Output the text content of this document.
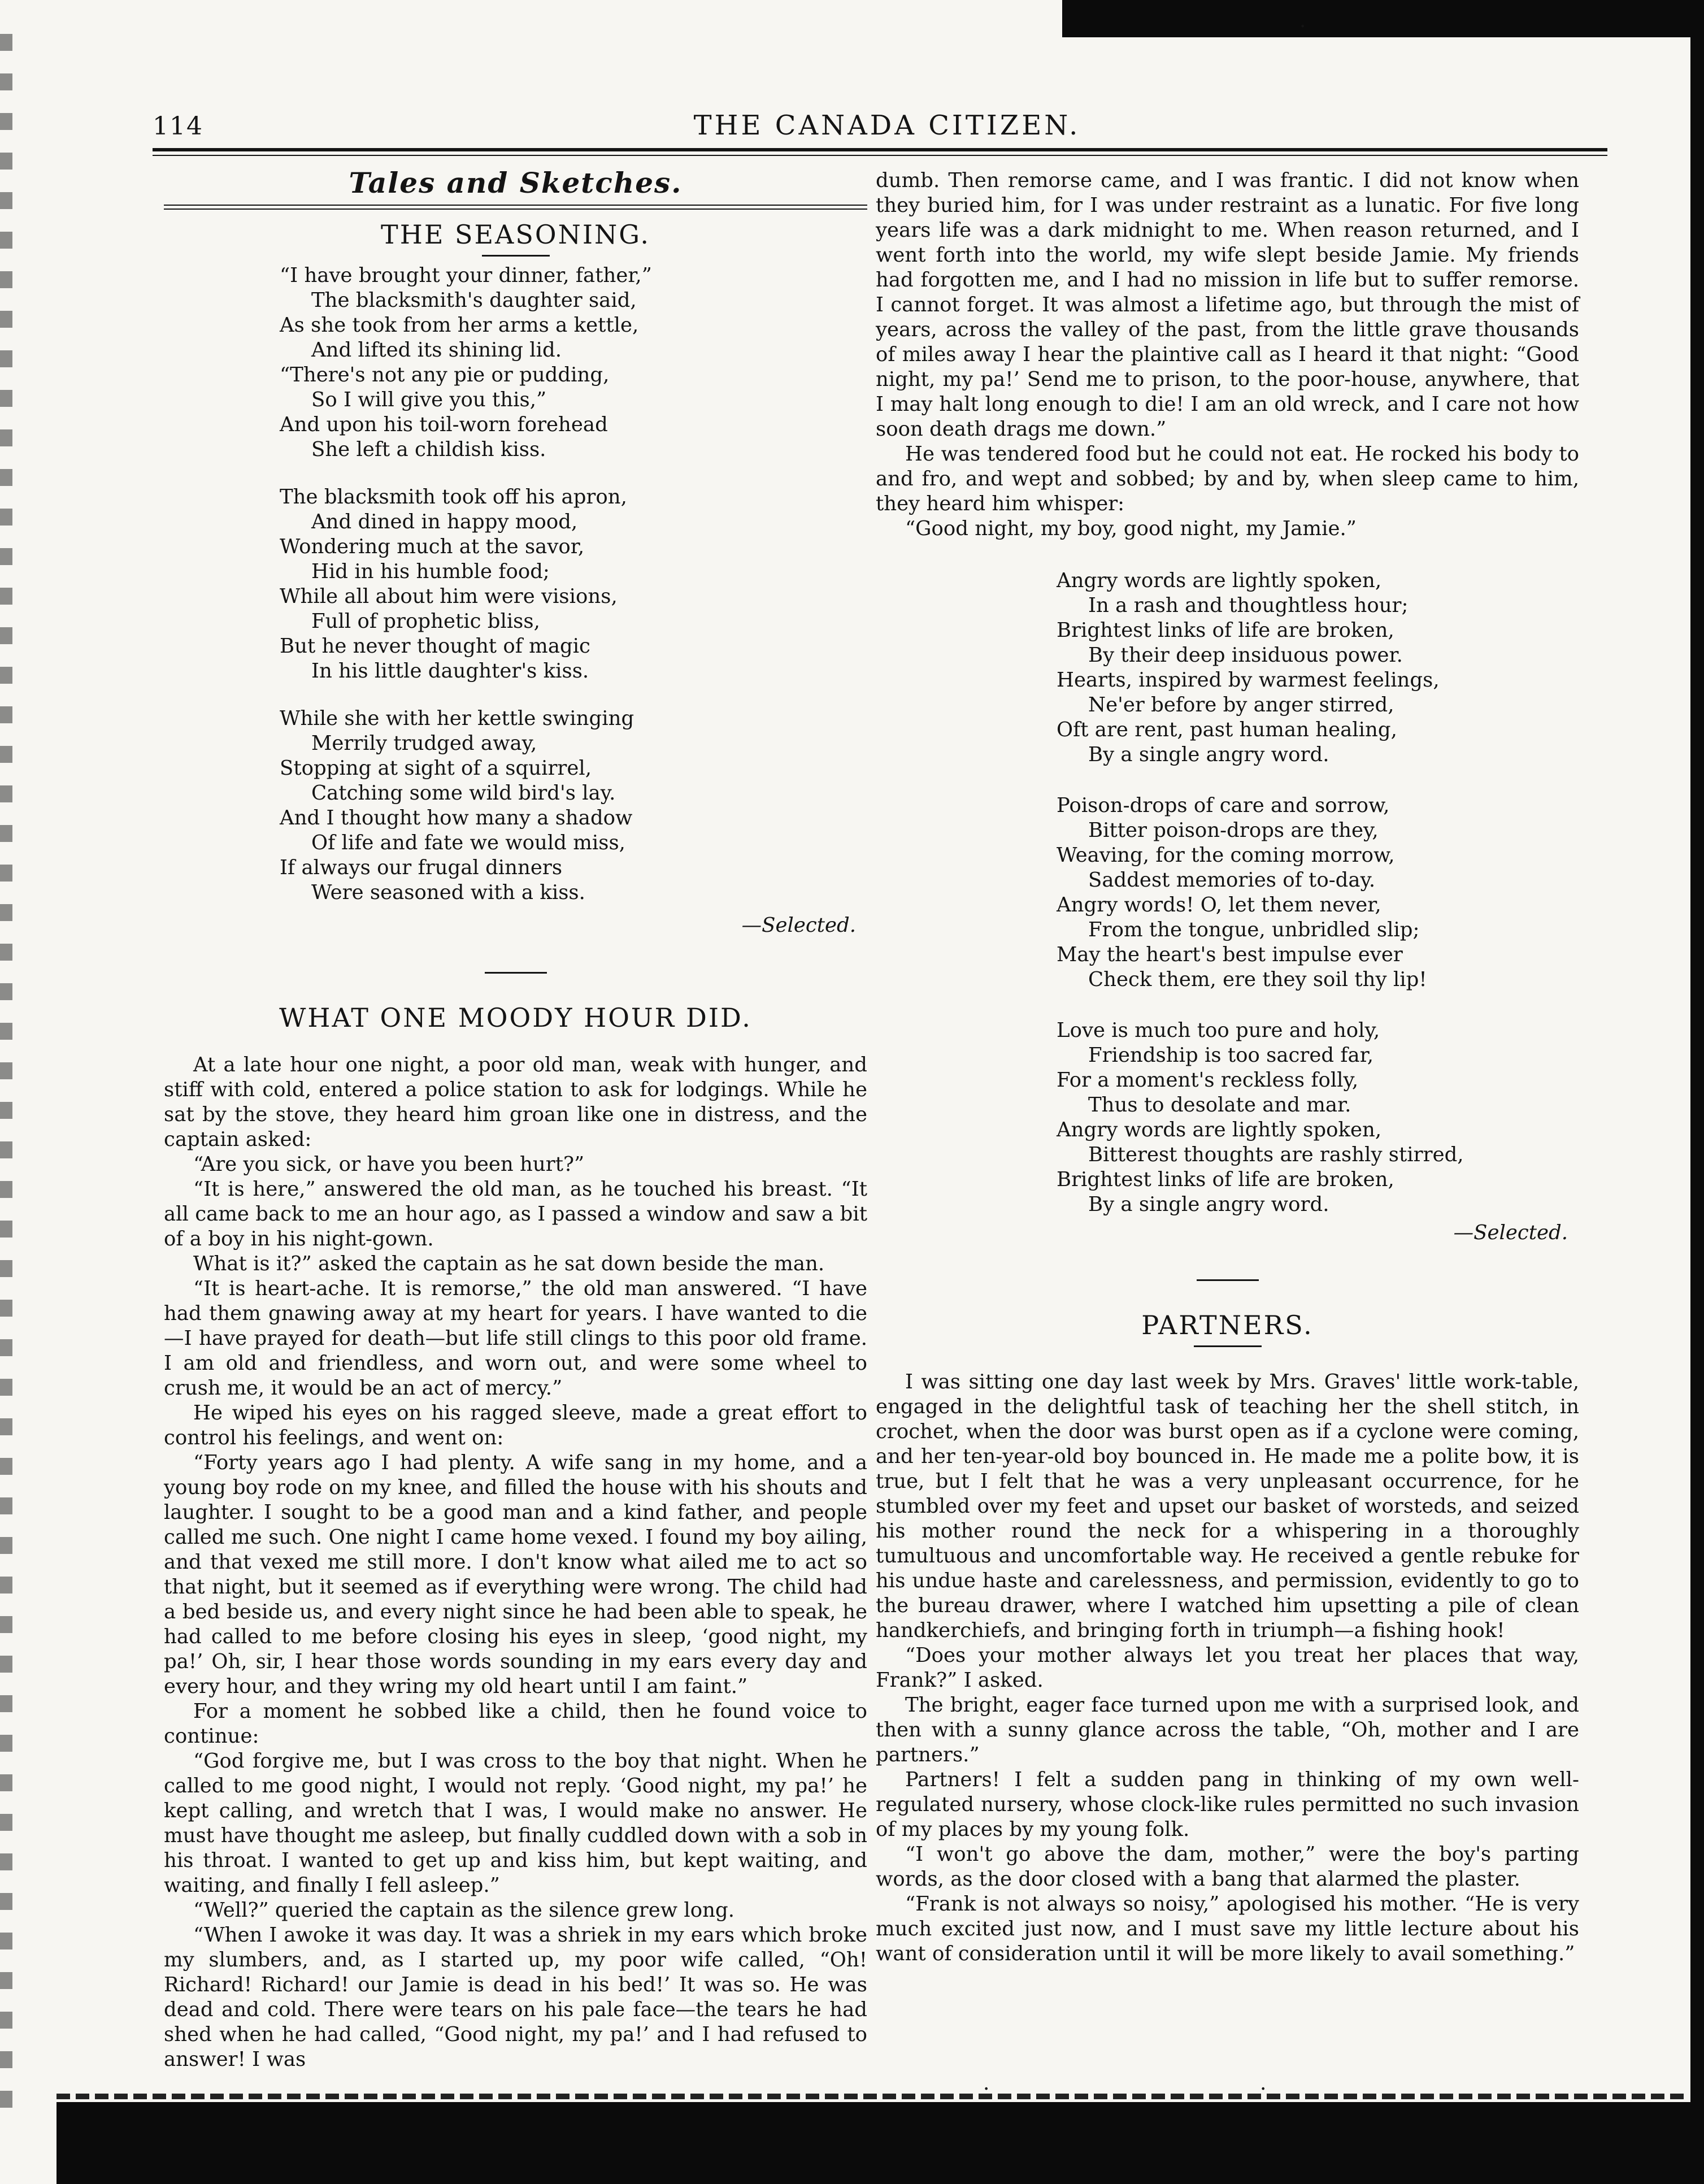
·
·	·
114	THE CANADA CITIZEN.
Tales and Sketches.
THE SEASONING.
“I have brought your dinner, father,”
The blacksmith's daughter said,
As she took from her arms a kettle,
And lifted its shining lid.
“There's not any pie or pudding,
So I will give you this,”
And upon his toil-worn forehead
She left a childish kiss.
The blacksmith took off his apron,
And dined in happy mood,
Wondering much at the savor,
Hid in his humble food;
While all about him were visions,
Full of prophetic bliss,
But he never thought of magic
In his little daughter's kiss.
While she with her kettle swinging
Merrily trudged away,
Stopping at sight of a squirrel,
Catching some wild bird's lay.
And I thought how many a shadow
Of life and fate we would miss,
If always our frugal dinners
Were seasoned with a kiss.
—Selected.
WHAT ONE MOODY HOUR DID.

At a late hour one night, a poor old man, weak with hunger, and stiff with cold, entered a police station to ask for lodgings. While he sat by the stove, they heard him groan like one in distress, and the captain asked:

“Are you sick, or have you been hurt?”

“It is here,” answered the old man, as he touched his breast. “It all came back to me an hour ago, as I passed a window and saw a bit of a boy in his night-gown.

What is it?” asked the captain as he sat down beside the man.

“It is heart-ache. It is remorse,” the old man answered. “I have had them gnawing away at my heart for years. I have wanted to die—I have prayed for death—but life still clings to this poor old frame. I am old and friendless, and worn out, and were some wheel to crush me, it would be an act of mercy.”

He wiped his eyes on his ragged sleeve, made a great effort to control his feelings, and went on:

“Forty years ago I had plenty. A wife sang in my home, and a young boy rode on my knee, and filled the house with his shouts and laughter. I sought to be a good man and a kind father, and people called me such. One night I came home vexed. I found my boy ailing, and that vexed me still more. I don't know what ailed me to act so that night, but it seemed as if everything were wrong. The child had a bed beside us, and every night since he had been able to speak, he had called to me before closing his eyes in sleep, ‘good night, my pa!’ Oh, sir, I hear those words sounding in my ears every day and every hour, and they wring my old heart until I am faint.”

For a moment he sobbed like a child, then he found voice to continue:

“God forgive me, but I was cross to the boy that night. When he called to me good night, I would not reply. ‘Good night, my pa!’ he kept calling, and wretch that I was, I would make no answer. He must have thought me asleep, but finally cuddled down with a sob in his throat. I wanted to get up and kiss him, but kept waiting, and waiting, and finally I fell asleep.”

“Well?” queried the captain as the silence grew long.

“When I awoke it was day. It was a shriek in my ears which broke my slumbers, and, as I started up, my poor wife called, “Oh! Richard! Richard! our Jamie is dead in his bed!’ It was so. He was dead and cold. There were tears on his pale face—the tears he had shed when he had called, “Good night, my pa!’ and I had refused to answer! I was

dumb. Then remorse came, and I was frantic. I did not know when they buried him, for I was under restraint as a lunatic. For five long years life was a dark midnight to me. When reason returned, and I went forth into the world, my wife slept beside Jamie. My friends had forgotten me, and I had no mission in life but to suffer remorse. I cannot forget. It was almost a lifetime ago, but through the mist of years, across the valley of the past, from the little grave thousands of miles away I hear the plaintive call as I heard it that night: “Good night, my pa!’ Send me to prison, to the poor-house, anywhere, that I may halt long enough to die! I am an old wreck, and I care not how soon death drags me down.”

He was tendered food but he could not eat. He rocked his body to and fro, and wept and sobbed; by and by, when sleep came to him, they heard him whisper:

“Good night, my boy, good night, my Jamie.”

Angry words are lightly spoken,
In a rash and thoughtless hour;
Brightest links of life are broken,
By their deep insiduous power.
Hearts, inspired by warmest feelings,
Ne'er before by anger stirred,
Oft are rent, past human healing,
By a single angry word.
Poison-drops of care and sorrow,
Bitter poison-drops are they,
Weaving, for the coming morrow,
Saddest memories of to-day.
Angry words! O, let them never,
From the tongue, unbridled slip;
May the heart's best impulse ever
Check them, ere they soil thy lip!
Love is much too pure and holy,
Friendship is too sacred far,
For a moment's reckless folly,
Thus to desolate and mar.
Angry words are lightly spoken,
Bitterest thoughts are rashly stirred,
Brightest links of life are broken,
By a single angry word.
—Selected.
PARTNERS.

I was sitting one day last week by Mrs. Graves' little work-table, engaged in the delightful task of teaching her the shell stitch, in crochet, when the door was burst open as if a cyclone were coming, and her ten-year-old boy bounced in. He made me a polite bow, it is true, but I felt that he was a very unpleasant occurrence, for he stumbled over my feet and upset our basket of worsteds, and seized his mother round the neck for a whispering in a thoroughly tumultuous and uncomfortable way. He received a gentle rebuke for his undue haste and carelessness, and permission, evidently to go to the bureau drawer, where I watched him upsetting a pile of clean handkerchiefs, and bringing forth in triumph—a fishing hook!

“Does your mother always let you treat her places that way, Frank?” I asked.

The bright, eager face turned upon me with a surprised look, and then with a sunny glance across the table, “Oh, mother and I are partners.”

Partners! I felt a sudden pang in thinking of my own well-regulated nursery, whose clock-like rules permitted no such invasion of my places by my young folk.

“I won't go above the dam, mother,” were the boy's parting words, as the door closed with a bang that alarmed the plaster.

“Frank is not always so noisy,” apologised his mother. “He is very much excited just now, and I must save my little lecture about his want of consideration until it will be more likely to avail something.”
